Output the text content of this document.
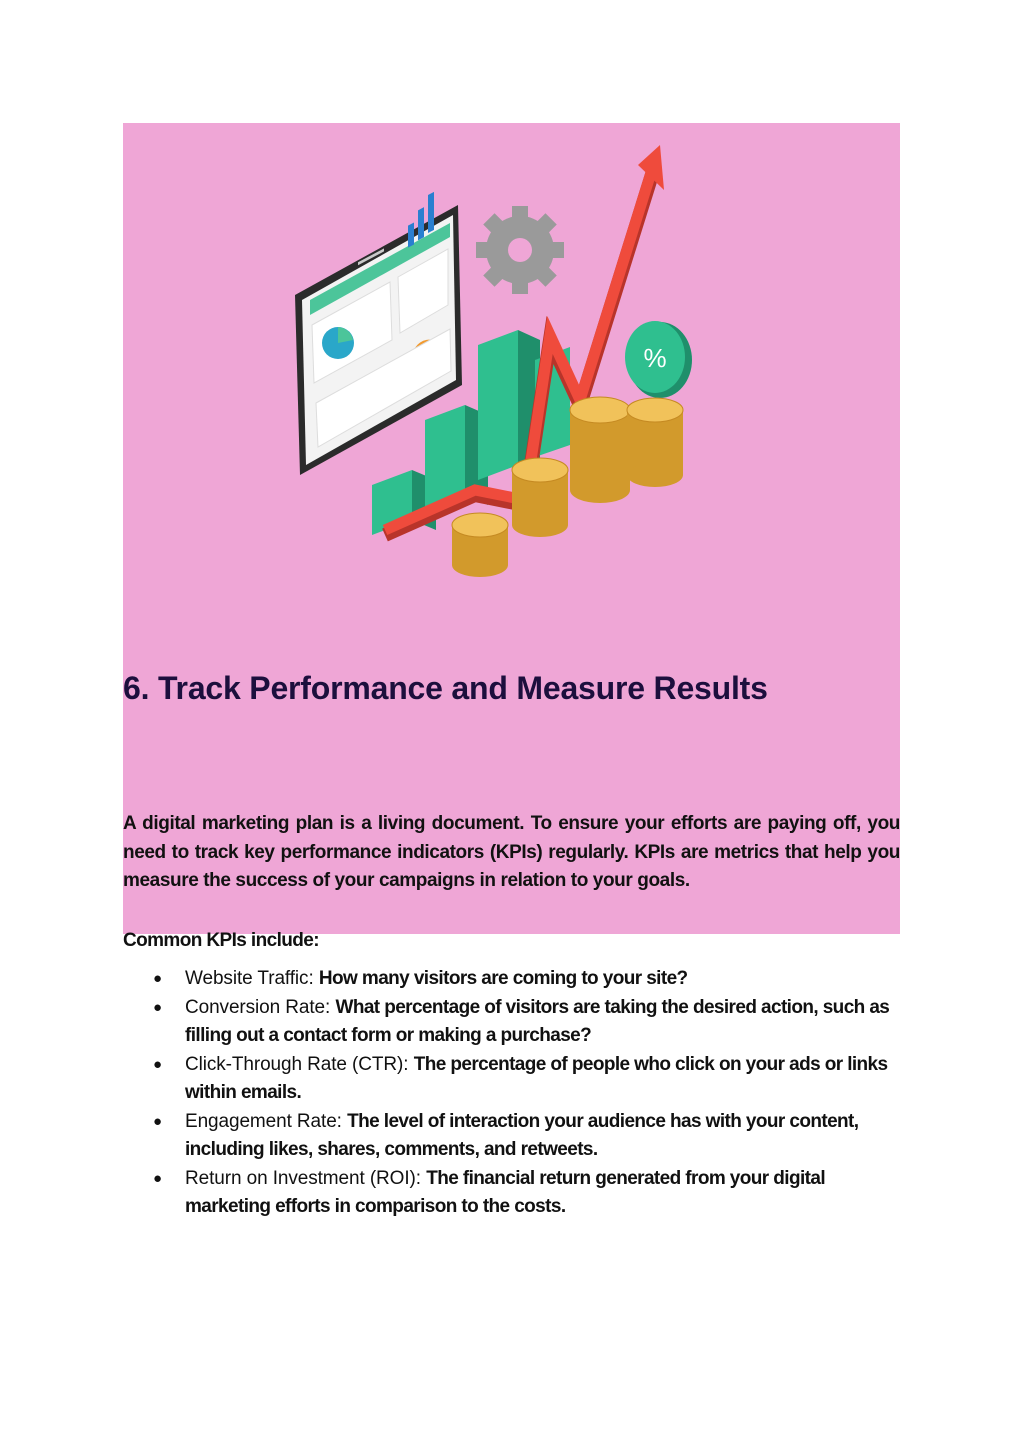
%
6. Track Performance and Measure Results

A digital marketing plan is a living document. To ensure your efforts are paying off, you need to track key performance indicators (KPIs) regularly. KPIs are metrics that help you measure the success of your campaigns in relation to your goals.

Common KPIs include:

● Website Traffic: How many visitors are coming to your site?
● Conversion Rate: What percentage of visitors are taking the desired action, such as filling out a contact form or making a purchase?
● Click-Through Rate (CTR): The percentage of people who click on your ads or links within emails.
● Engagement Rate: The level of interaction your audience has with your content, including likes, shares, comments, and retweets.
● Return on Investment (ROI): The financial return generated from your digital marketing efforts in comparison to the costs.
